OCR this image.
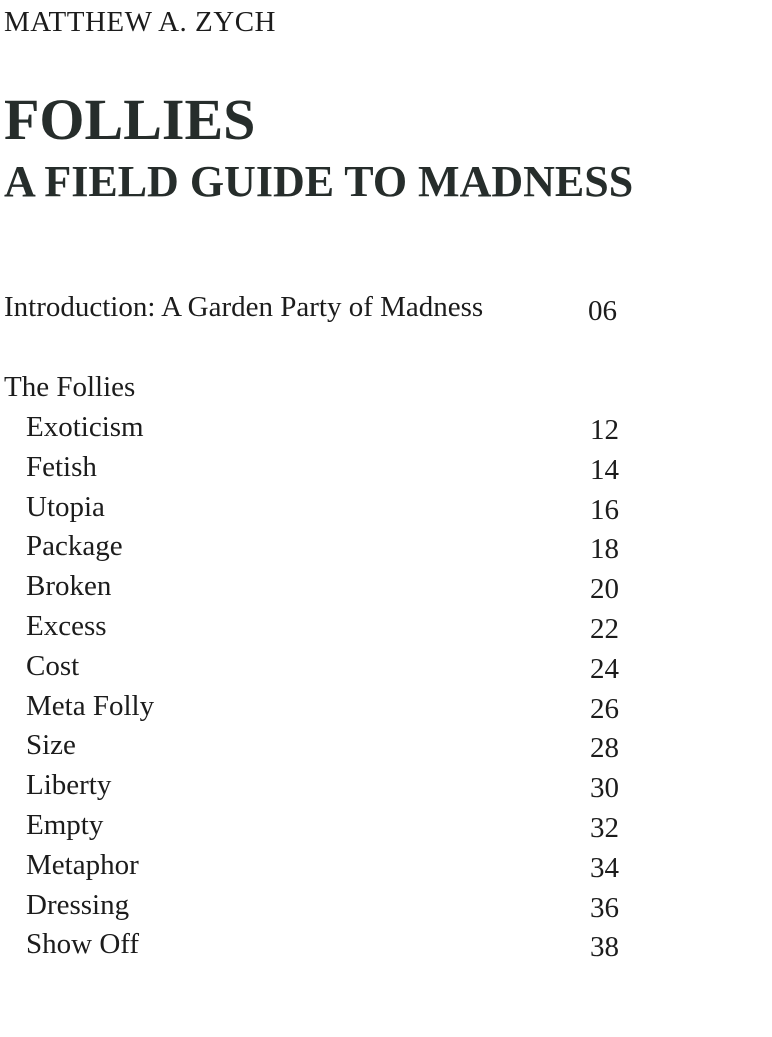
MATTHEW A. ZYCH
FOLLIES
A FIELD GUIDE TO MADNESS
Introduction: A Garden Party of Madness	06
The Follies
Exoticism	12
Fetish	14
Utopia	16
Package	18
Broken	20
Excess	22
Cost	24
Meta Folly	26
Size	28
Liberty	30
Empty	32
Metaphor	34
Dressing	36
Show Off	38
